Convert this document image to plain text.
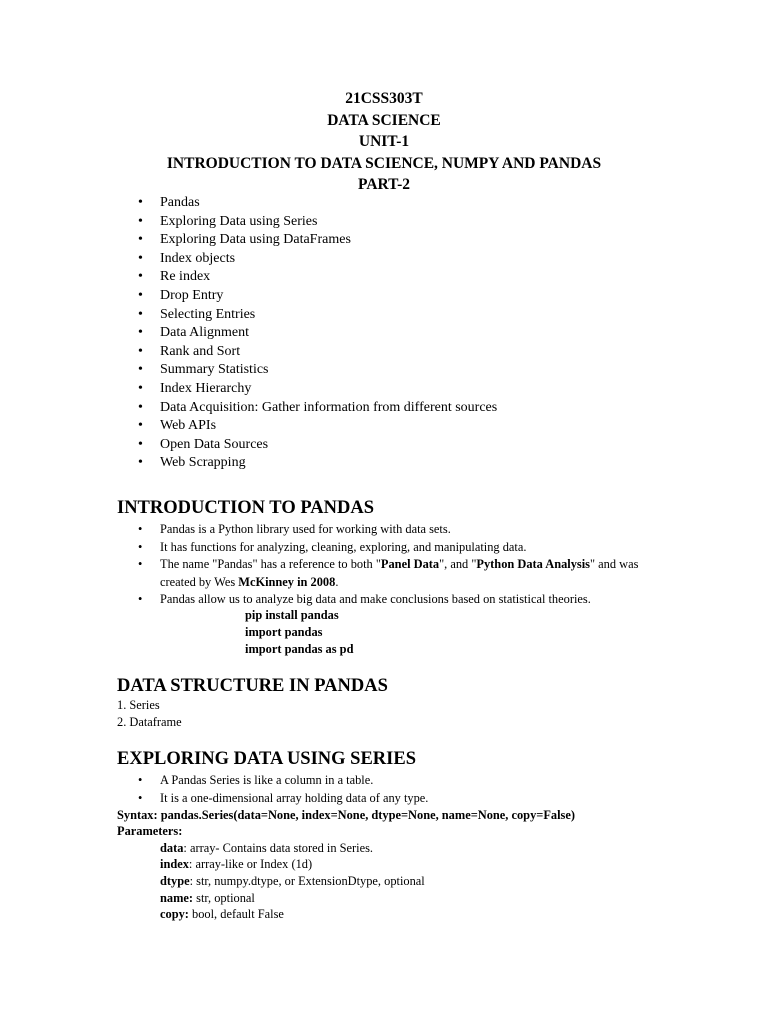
21CSS303T
DATA SCIENCE
UNIT-1
INTRODUCTION TO DATA SCIENCE, NUMPY AND PANDAS
PART-2
• Pandas
• Exploring Data using Series
• Exploring Data using DataFrames
• Index objects
• Re index
• Drop Entry
• Selecting Entries
• Data Alignment
• Rank and Sort
• Summary Statistics
• Index Hierarchy
• Data Acquisition: Gather information from different sources
• Web APIs
• Open Data Sources
• Web Scrapping
INTRODUCTION TO PANDAS
• Pandas is a Python library used for working with data sets.
• It has functions for analyzing, cleaning, exploring, and manipulating data.
• The name "Pandas" has a reference to both "Panel Data", and "Python Data Analysis" and was created by Wes McKinney in 2008.
• Pandas allow us to analyze big data and make conclusions based on statistical theories.
pip install pandas
import pandas
import pandas as pd
DATA STRUCTURE IN PANDAS
1. Series
2. Dataframe
EXPLORING DATA USING SERIES
• A Pandas Series is like a column in a table.
• It is a one-dimensional array holding data of any type.
Syntax: pandas.Series(data=None, index=None, dtype=None, name=None, copy=False)
Parameters:
data: array- Contains data stored in Series.
index: array-like or Index (1d)
dtype: str, numpy.dtype, or ExtensionDtype, optional
name: str, optional
copy: bool, default False
